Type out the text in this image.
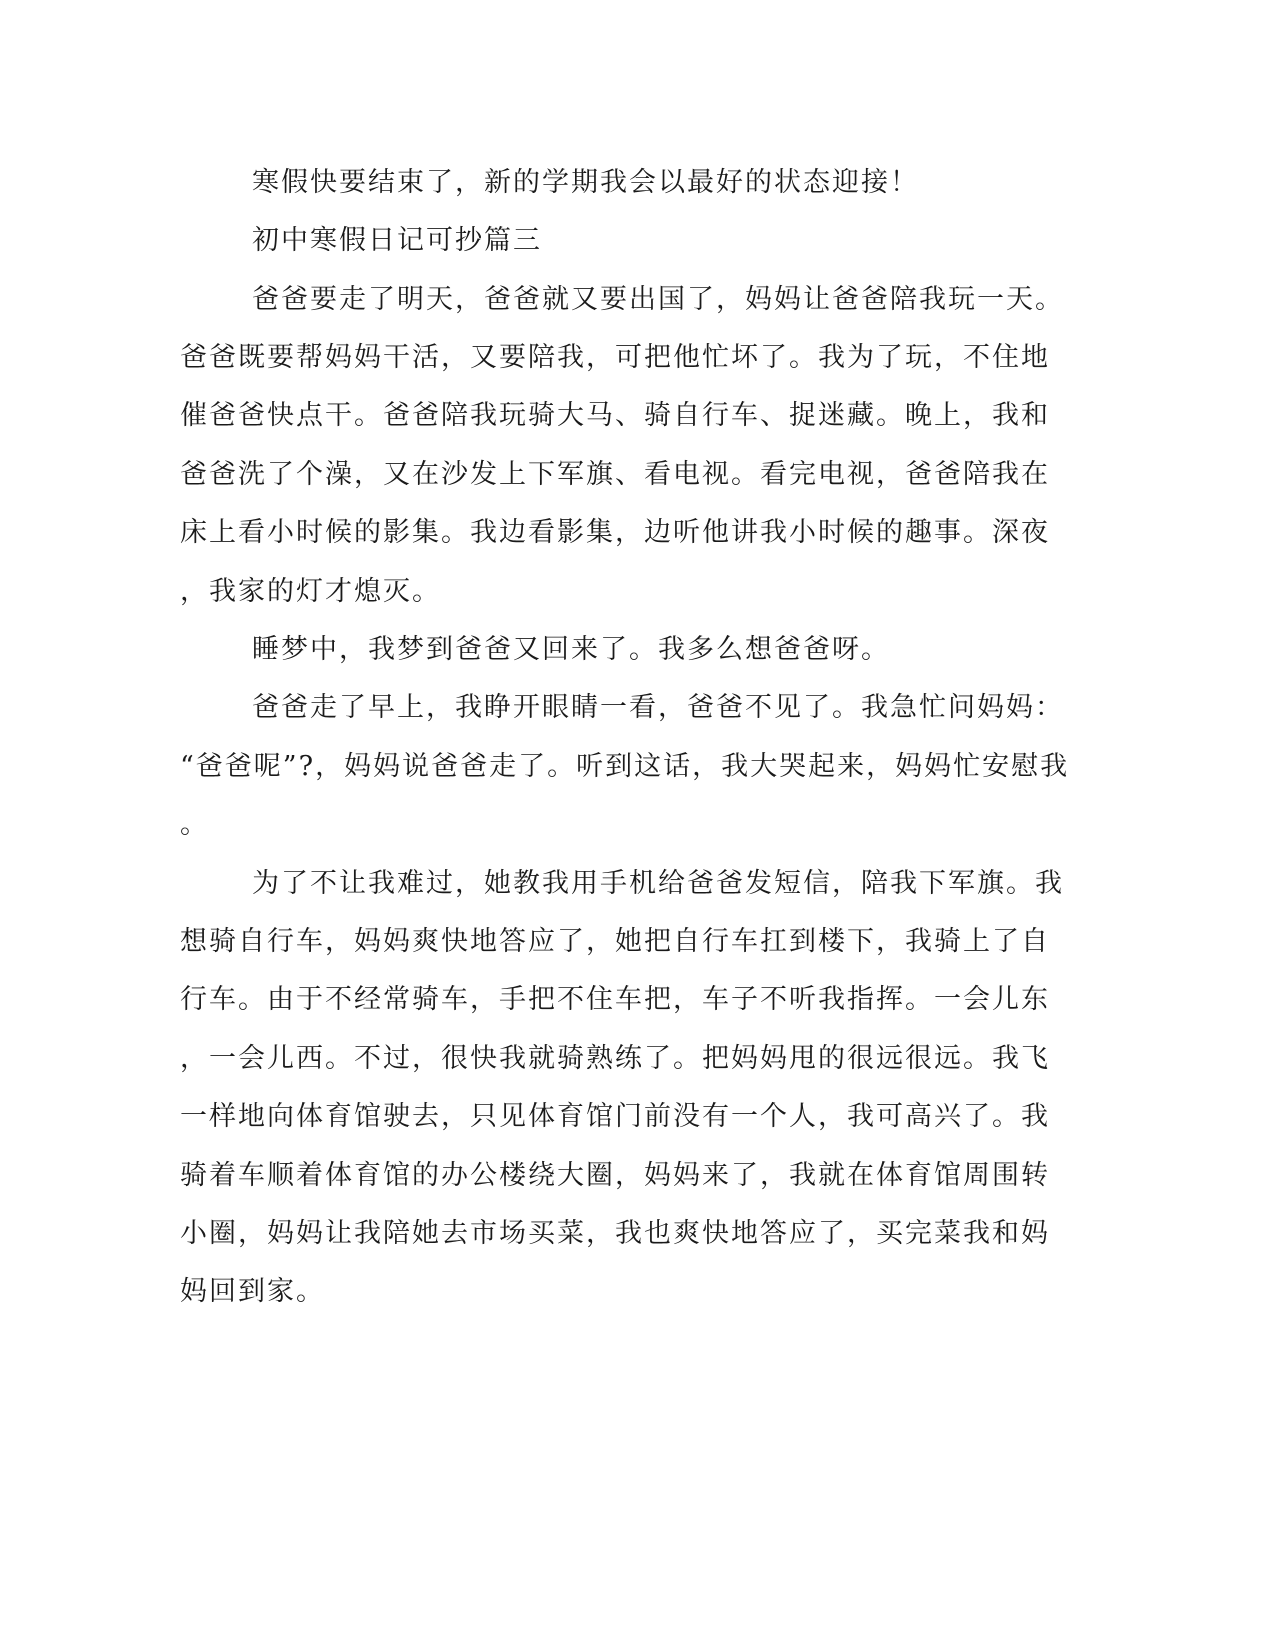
寒假快要结束了，新的学期我会以最好的状态迎接！

初中寒假日记可抄篇三

爸爸要走了明天，爸爸就又要出国了，妈妈让爸爸陪我玩一天。

爸爸既要帮妈妈干活，又要陪我，可把他忙坏了。我为了玩，不住地

催爸爸快点干。爸爸陪我玩骑大马、骑自行车、捉迷藏。晚上，我和

爸爸洗了个澡，又在沙发上下军旗、看电视。看完电视，爸爸陪我在

床上看小时候的影集。我边看影集，边听他讲我小时候的趣事。深夜

，我家的灯才熄灭。

睡梦中，我梦到爸爸又回来了。我多么想爸爸呀。

爸爸走了早上，我睁开眼睛一看，爸爸不见了。我急忙问妈妈：

“爸爸呢”?，妈妈说爸爸走了。听到这话，我大哭起来，妈妈忙安慰我

。

为了不让我难过，她教我用手机给爸爸发短信，陪我下军旗。我

想骑自行车，妈妈爽快地答应了，她把自行车扛到楼下，我骑上了自

行车。由于不经常骑车，手把不住车把，车子不听我指挥。一会儿东

，一会儿西。不过，很快我就骑熟练了。把妈妈甩的很远很远。我飞

一样地向体育馆驶去，只见体育馆门前没有一个人，我可高兴了。我

骑着车顺着体育馆的办公楼绕大圈，妈妈来了，我就在体育馆周围转

小圈，妈妈让我陪她去市场买菜，我也爽快地答应了，买完菜我和妈

妈回到家。
